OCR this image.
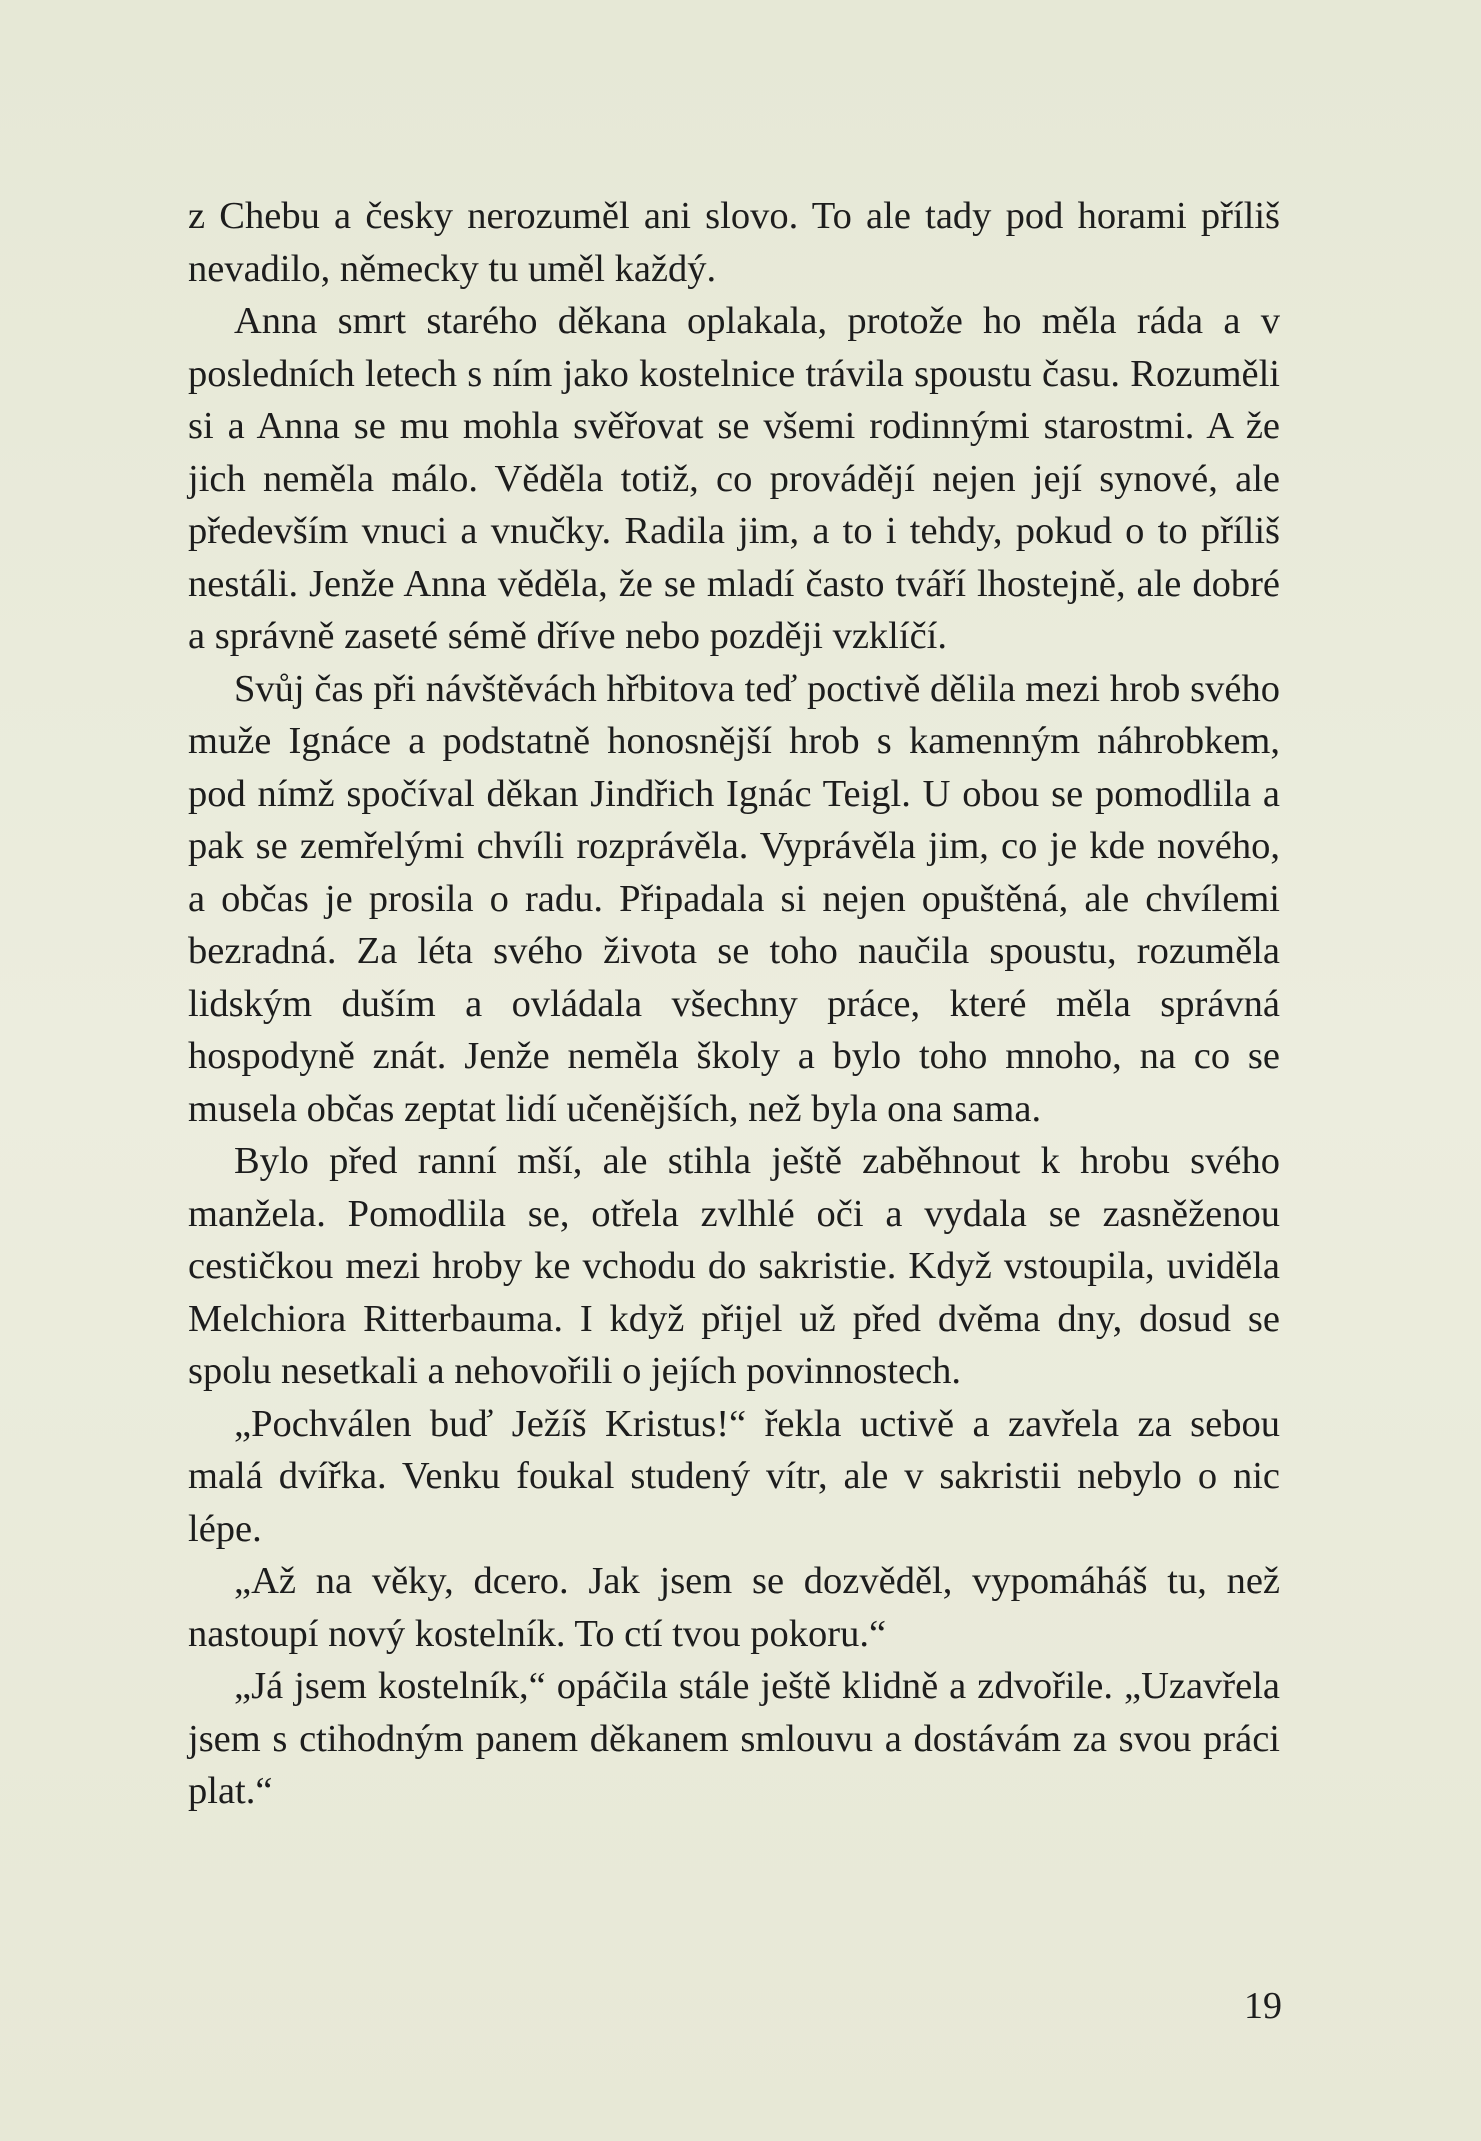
z Chebu a česky nerozuměl ani slovo. To ale tady pod horami příliš nevadilo, německy tu uměl každý.

Anna smrt starého děkana oplakala, protože ho měla ráda a v posledních letech s ním jako kostelnice trávila spoustu času. Rozuměli si a Anna se mu mohla svěřovat se všemi rodinnými starostmi. A že jich neměla málo. Věděla totiž, co provádějí nejen její synové, ale především vnuci a vnučky. Radila jim, a to i tehdy, pokud o to příliš nestáli. Jenže Anna věděla, že se mladí často tváří lhostejně, ale dobré a správně zaseté sémě dříve nebo později vzklíčí.

Svůj čas při návštěvách hřbitova teď poctivě dělila mezi hrob svého muže Ignáce a podstatně honosnější hrob s kamenným náhrobkem, pod nímž spočíval děkan Jindřich Ignác Teigl. U obou se pomodlila a pak se zemřelými chvíli rozprávěla. Vyprávěla jim, co je kde nového, a občas je prosila o radu. Připadala si nejen opuštěná, ale chvílemi bezradná. Za léta svého života se toho naučila spoustu, rozuměla lidským duším a ovládala všechny práce, které měla správná hospodyně znát. Jenže neměla školy a bylo toho mnoho, na co se musela občas zeptat lidí učenějších, než byla ona sama.

Bylo před ranní mší, ale stihla ještě zaběhnout k hrobu svého manžela. Pomodlila se, otřela zvlhlé oči a vydala se zasněženou cestičkou mezi hroby ke vchodu do sakristie. Když vstoupila, uviděla Melchiora Ritterbauma. I když přijel už před dvěma dny, dosud se spolu nesetkali a nehovořili o jejích povinnostech.

„Pochválen buď Ježíš Kristus!“ řekla uctivě a zavřela za sebou malá dvířka. Venku foukal studený vítr, ale v sakristii nebylo o nic lépe.

„Až na věky, dcero. Jak jsem se dozvěděl, vypomáháš tu, než nastoupí nový kostelník. To ctí tvou pokoru.“

„Já jsem kostelník,“ opáčila stále ještě klidně a zdvořile. „Uzavřela jsem s ctihodným panem děkanem smlouvu a dostávám za svou práci plat.“

19
